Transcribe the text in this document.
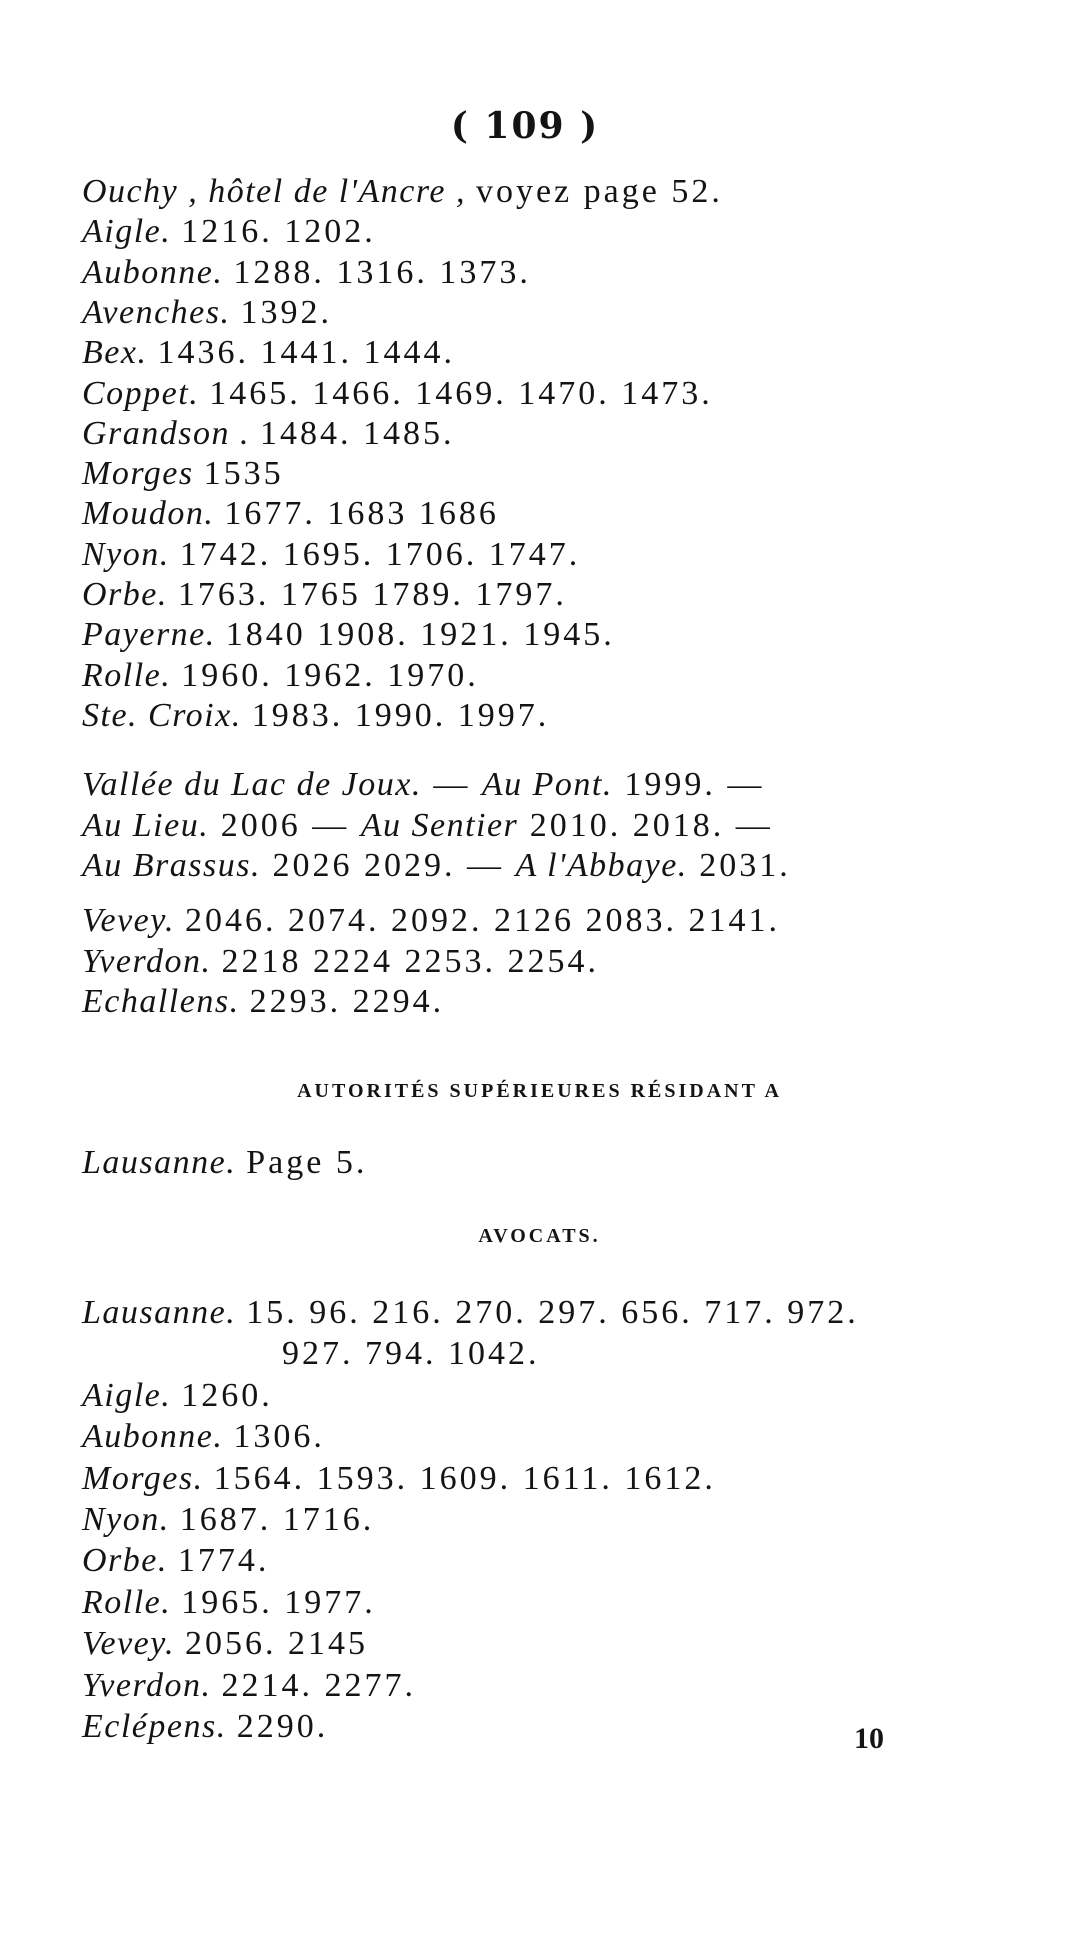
( 109 )
Ouchy , hôtel de l'Ancre , voyez page 52.
Aigle. 1216. 1202.
Aubonne. 1288. 1316. 1373.
Avenches. 1392.
Bex. 1436. 1441. 1444.
Coppet. 1465. 1466. 1469. 1470. 1473.
Grandson . 1484. 1485.
Morges 1535
Moudon. 1677. 1683 1686
Nyon. 1742. 1695. 1706. 1747.
Orbe. 1763. 1765 1789. 1797.
Payerne. 1840 1908. 1921. 1945.
Rolle. 1960. 1962. 1970.
Ste. Croix. 1983. 1990. 1997.
Vallée du Lac de Joux. — Au Pont. 1999. —
Au Lieu. 2006 — Au Sentier 2010. 2018. —
Au Brassus. 2026 2029. — A l'Abbaye. 2031.
Vevey. 2046. 2074. 2092. 2126 2083. 2141.
Yverdon. 2218 2224 2253. 2254.
Echallens. 2293. 2294.
AUTORITÉS SUPÉRIEURES RÉSIDANT A
Lausanne. Page 5.
AVOCATS.
Lausanne. 15. 96. 216. 270. 297. 656. 717. 972.
927. 794. 1042.
Aigle. 1260.
Aubonne. 1306.
Morges. 1564. 1593. 1609. 1611. 1612.
Nyon. 1687. 1716.
Orbe. 1774.
Rolle. 1965. 1977.
Vevey. 2056. 2145
Yverdon. 2214. 2277.
Eclépens. 2290.	10
